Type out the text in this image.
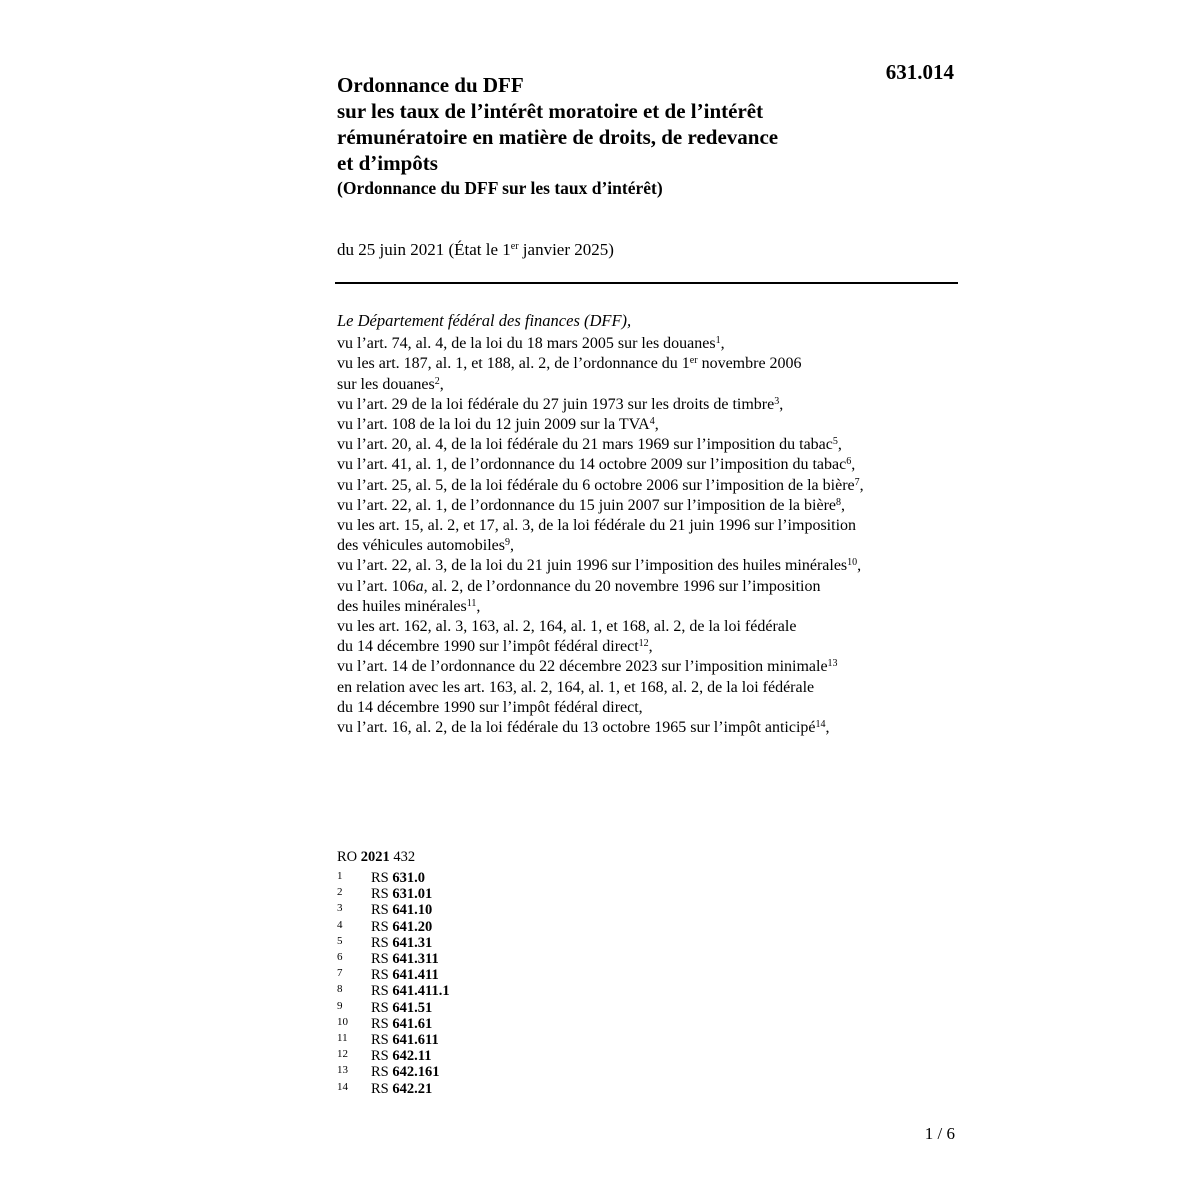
631.014
Ordonnance du DFF
sur les taux de l’intérêt moratoire et de l’intérêt
rémunératoire en matière de droits, de redevance
et d’impôts
(Ordonnance du DFF sur les taux d’intérêt)
du 25 juin 2021 (État le 1er janvier 2025)
Le Département fédéral des finances (DFF),
vu l’art. 74, al. 4, de la loi du 18 mars 2005 sur les douanes$^1$,
vu les art. 187, al. 1, et 188, al. 2, de l’ordonnance du 1er novembre 2006
sur les douanes$^2$,
vu l’art. 29 de la loi fédérale du 27 juin 1973 sur les droits de timbre$^3$,
vu l’art. 108 de la loi du 12 juin 2009 sur la TVA$^4$,
vu l’art. 20, al. 4, de la loi fédérale du 21 mars 1969 sur l’imposition du tabac$^5$,
vu l’art. 41, al. 1, de l’ordonnance du 14 octobre 2009 sur l’imposition du tabac$^6$,
vu l’art. 25, al. 5, de la loi fédérale du 6 octobre 2006 sur l’imposition de la bière$^7$,
vu l’art. 22, al. 1, de l’ordonnance du 15 juin 2007 sur l’imposition de la bière$^8$,
vu les art. 15, al. 2, et 17, al. 3, de la loi fédérale du 21 juin 1996 sur l’imposition
des véhicules automobiles$^9$,
vu l’art. 22, al. 3, de la loi du 21 juin 1996 sur l’imposition des huiles minérales$^{10}$,
vu l’art. 106a, al. 2, de l’ordonnance du 20 novembre 1996 sur l’imposition
des huiles minérales$^{11}$,
vu les art. 162, al. 3, 163, al. 2, 164, al. 1, et 168, al. 2, de la loi fédérale
du 14 décembre 1990 sur l’impôt fédéral direct$^{12}$,
vu l’art. 14 de l’ordonnance du 22 décembre 2023 sur l’imposition minimale$^{13}$
en relation avec les art. 163, al. 2, 164, al. 1, et 168, al. 2, de la loi fédérale
du 14 décembre 1990 sur l’impôt fédéral direct,
vu l’art. 16, al. 2, de la loi fédérale du 13 octobre 1965 sur l’impôt anticipé$^{14}$,
RO 2021 432
1	RS 631.0
2	RS 631.01
3	RS 641.10
4	RS 641.20
5	RS 641.31
6	RS 641.311
7	RS 641.411
8	RS 641.411.1
9	RS 641.51
10	RS 641.61
11	RS 641.611
12	RS 642.11
13	RS 642.161
14	RS 642.21
1 / 6
